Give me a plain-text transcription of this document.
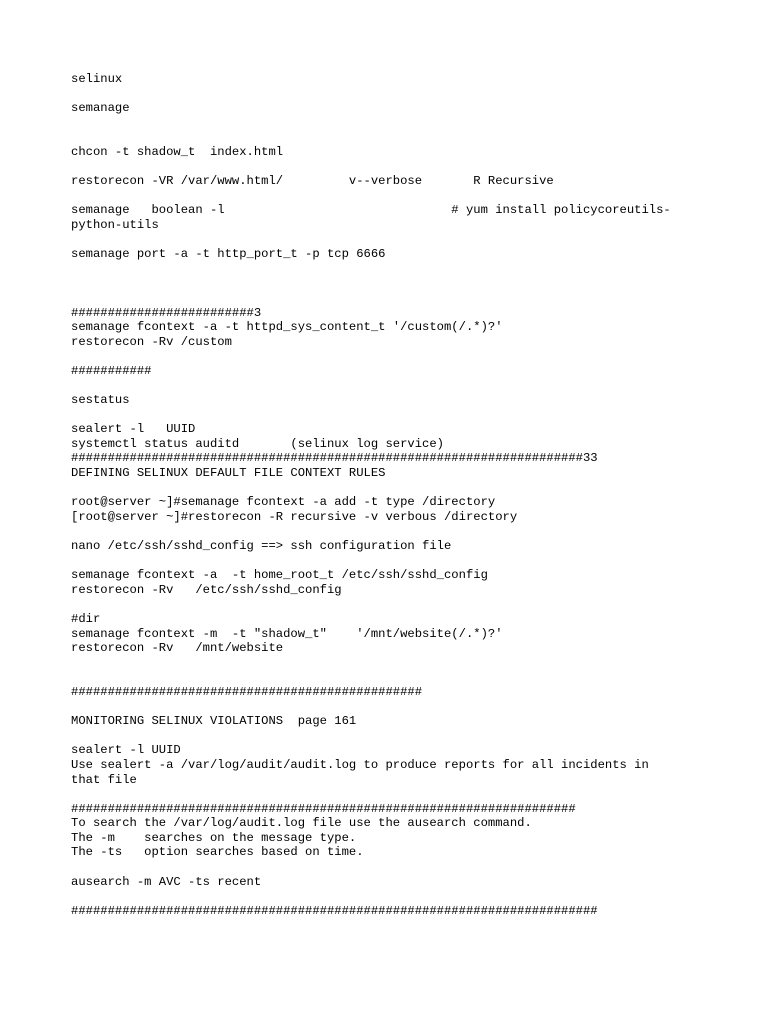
selinux
semanage
chcon -t shadow_t  index.html
restorecon -VR /var/www.html/         v--verbose       R Recursive
semanage   boolean -l                               # yum install policycoreutils-
python-utils
semanage port -a -t http_port_t -p tcp 6666
#########################3
semanage fcontext -a -t httpd_sys_content_t '/custom(/.*)?'
restorecon -Rv /custom
###########
sestatus
sealert -l   UUID
systemctl status auditd       (selinux log service)
######################################################################33
DEFINING SELINUX DEFAULT FILE CONTEXT RULES
root@server ~]#semanage fcontext -a add -t type /directory
[root@server ~]#restorecon -R recursive -v verbous /directory
nano /etc/ssh/sshd_config ==> ssh configuration file
semanage fcontext -a  -t home_root_t /etc/ssh/sshd_config
restorecon -Rv   /etc/ssh/sshd_config
#dir
semanage fcontext -m  -t "shadow_t"    '/mnt/website(/.*)?'
restorecon -Rv   /mnt/website
################################################
MONITORING SELINUX VIOLATIONS  page 161
sealert -l UUID
Use sealert -a /var/log/audit/audit.log to produce reports for all incidents in
that file
#####################################################################
To search the /var/log/audit.log file use the ausearch command.
The -m    searches on the message type.
The -ts   option searches based on time.
ausearch -m AVC -ts recent
########################################################################
